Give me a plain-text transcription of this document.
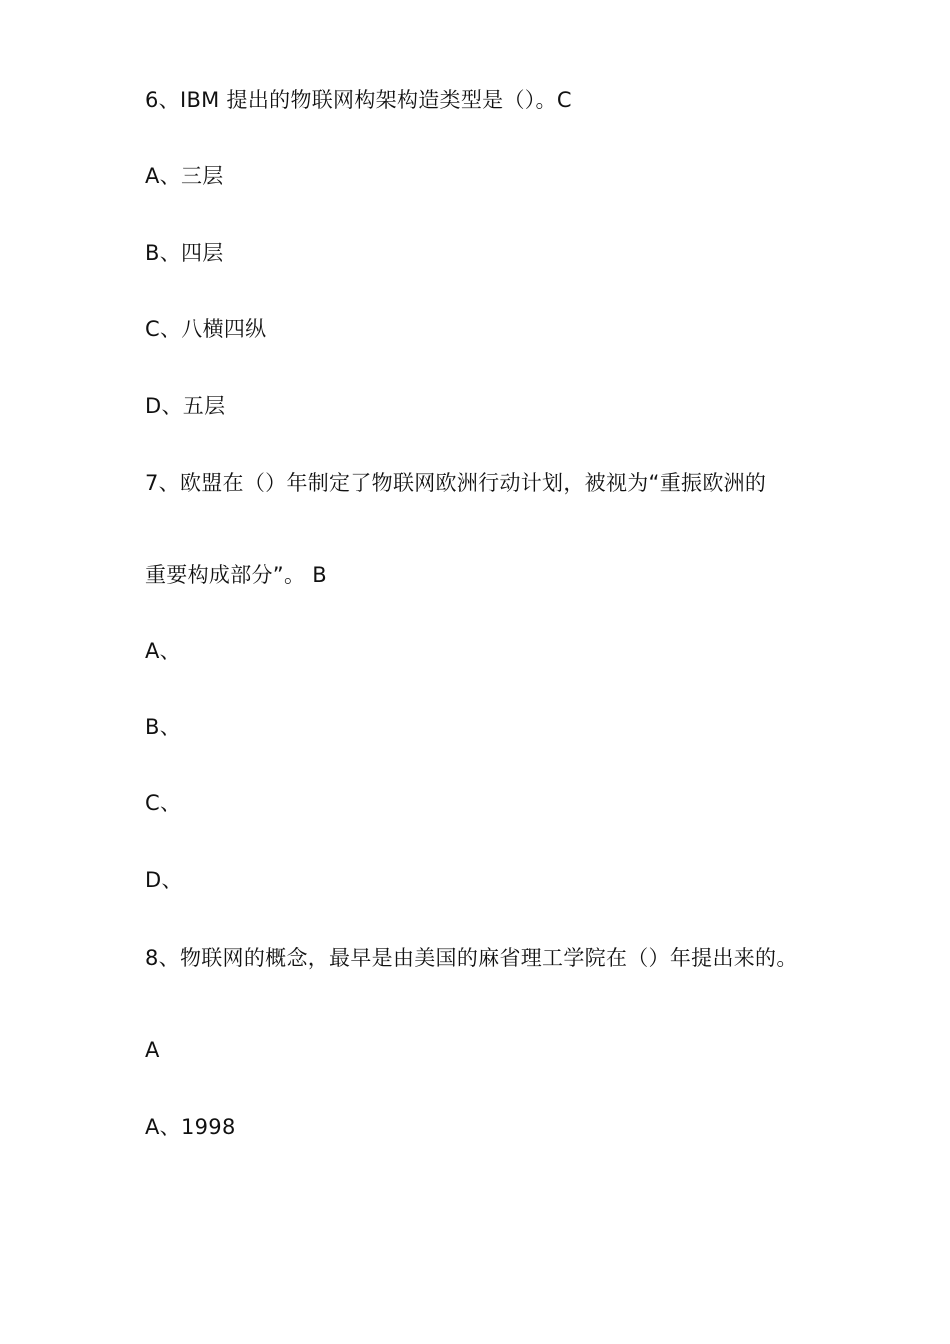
6、IBM 提出的物联网构架构造类型是（）。C
A、三层
B、四层
C、八横四纵
D、五层
7、欧盟在（）年制定了物联网欧洲行动计划，被视为“重振欧洲的
重要构成部分”。 B
A、
B、
C、
D、
8、物联网的概念，最早是由美国的麻省理工学院在（）年提出来的。
A
A、1998
